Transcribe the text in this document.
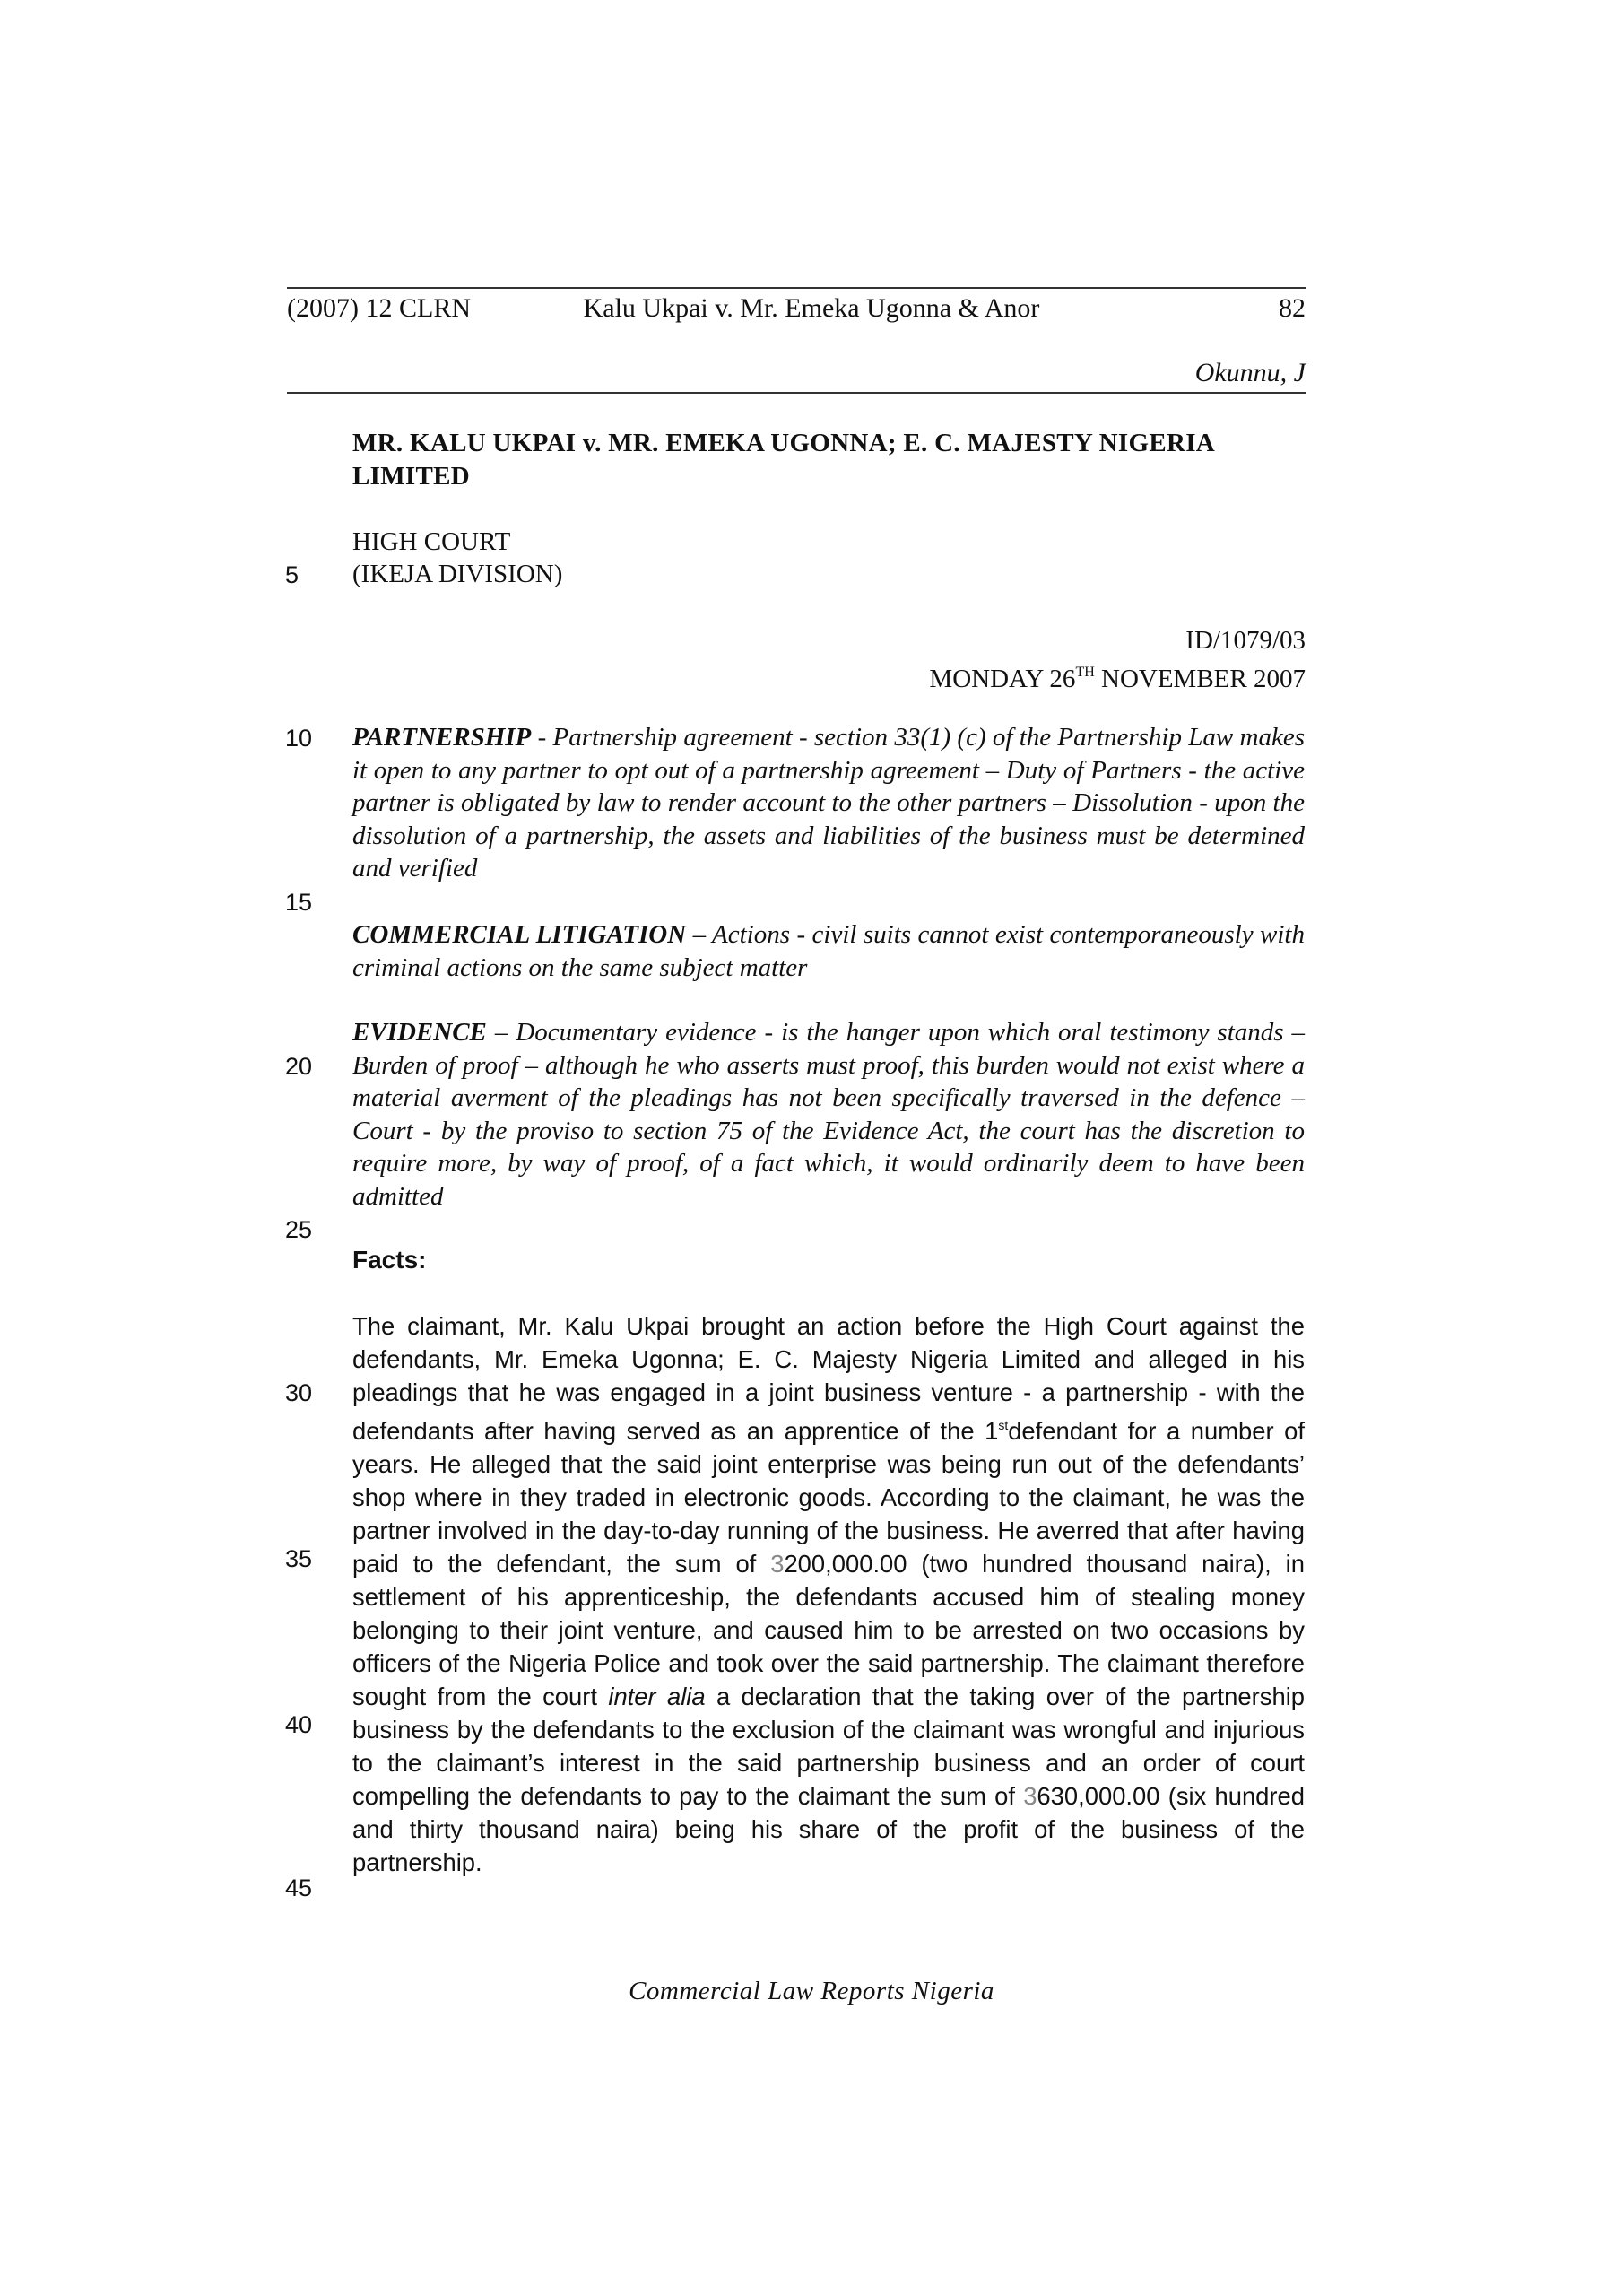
(2007) 12 CLRN	Kalu Ukpai v. Mr. Emeka Ugonna & Anor	82
Okunnu, J
MR. KALU UKPAI v. MR. EMEKA UGONNA; E. C. MAJESTY NIGERIA LIMITED
HIGH COURT
(IKEJA DIVISION)
ID/1079/03
MONDAY 26TH NOVEMBER 2007
5
10
15
20
25
30
35
40
45
PARTNERSHIP - Partnership agreement - section 33(1) (c) of the Partnership Law makes it open to any partner to opt out of a partnership agreement – Duty of Partners - the active partner is obligated by law to render account to the other partners – Dissolution - upon the dissolution of a partnership, the assets and liabilities of the business must be determined and verified
COMMERCIAL LITIGATION – Actions - civil suits cannot exist contemporaneously with criminal actions on the same subject matter
EVIDENCE – Documentary evidence - is the hanger upon which oral testimony stands – Burden of proof – although he who asserts must proof, this burden would not exist where a material averment of the pleadings has not been specifically traversed in the defence – Court - by the proviso to section 75 of the Evidence Act, the court has the discretion to require more, by way of proof, of a fact which, it would ordinarily deem to have been admitted
Facts:
The claimant, Mr. Kalu Ukpai brought an action before the High Court against the defendants, Mr. Emeka Ugonna; E. C. Majesty Nigeria Limited and alleged in his pleadings that he was engaged in a joint business venture - a partnership - with the defendants after having served as an apprentice of the 1stdefendant for a number of years. He alleged that the said joint enterprise was being run out of the defendants’ shop where in they traded in electronic goods. According to the claimant, he was the partner involved in the day-to-day running of the business. He averred that after having paid to the defendant, the sum of 3200,000.00 (two hundred thousand naira), in settlement of his apprenticeship, the defendants accused him of stealing money belonging to their joint venture, and caused him to be arrested on two occasions by officers of the Nigeria Police and took over the said partnership. The claimant therefore sought from the court inter alia a declaration that the taking over of the partnership business by the defendants to the exclusion of the claimant was wrongful and injurious to the claimant’s interest in the said partnership business and an order of court compelling the defendants to pay to the claimant the sum of 3630,000.00 (six hundred and thirty thousand naira) being his share of the profit of the business of the partnership.
Commercial Law Reports Nigeria
